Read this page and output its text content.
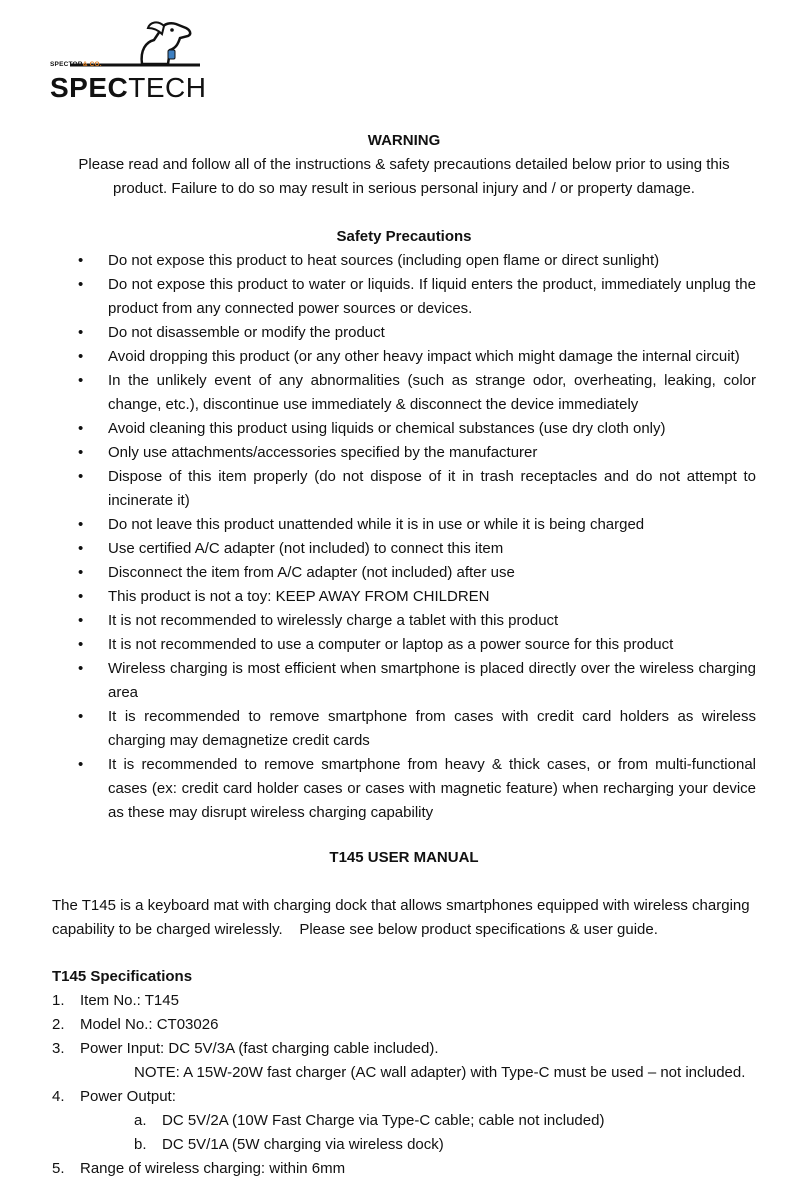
SPECTOR& CO.
SPECTECH
WARNING
Please read and follow all of the instructions & safety precautions detailed below prior to using this
product. Failure to do so may result in serious personal injury and / or property damage.
Safety Precautions
• Do not expose this product to heat sources (including open flame or direct sunlight)
• Do not expose this product to water or liquids. If liquid enters the product, immediately unplug the product from any connected power sources or devices.
• Do not disassemble or modify the product
• Avoid dropping this product (or any other heavy impact which might damage the internal circuit)
• In the unlikely event of any abnormalities (such as strange odor, overheating, leaking, color change, etc.), discontinue use immediately & disconnect the device immediately
• Avoid cleaning this product using liquids or chemical substances (use dry cloth only)
• Only use attachments/accessories specified by the manufacturer
• Dispose of this item properly (do not dispose of it in trash receptacles and do not attempt to incinerate it)
• Do not leave this product unattended while it is in use or while it is being charged
• Use certified A/C adapter (not included) to connect this item
• Disconnect the item from A/C adapter (not included) after use
• This product is not a toy: KEEP AWAY FROM CHILDREN
• It is not recommended to wirelessly charge a tablet with this product
• It is not recommended to use a computer or laptop as a power source for this product
• Wireless charging is most efficient when smartphone is placed directly over the wireless charging area
• It is recommended to remove smartphone from cases with credit card holders as wireless charging may demagnetize credit cards
• It is recommended to remove smartphone from heavy & thick cases, or from multi-functional cases (ex: credit card holder cases or cases with magnetic feature) when recharging your device as these may disrupt wireless charging capability
T145 USER MANUAL
The T145 is a keyboard mat with charging dock that allows smartphones equipped with wireless charging capability to be charged wirelessly.    Please see below product specifications & user guide.
T145 Specifications
1. Item No.: T145
2. Model No.: CT03026
3. Power Input: DC 5V/3A (fast charging cable included).
NOTE: A 15W-20W fast charger (AC wall adapter) with Type-C must be used – not included.
4. Power Output:
a. DC 5V/2A (10W Fast Charge via Type-C cable; cable not included)
b. DC 5V/1A (5W charging via wireless dock)
5. Range of wireless charging: within 6mm
